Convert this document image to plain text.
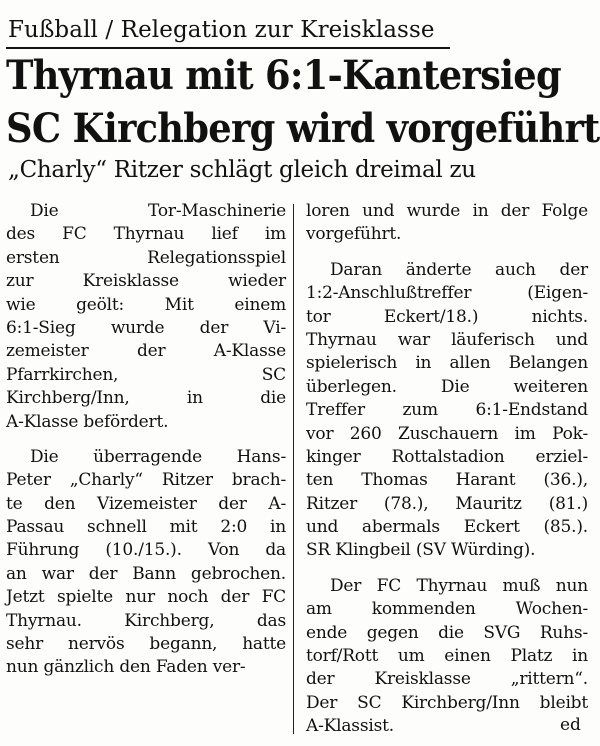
Fußball / Relegation zur Kreisklasse
Thyrnau mit 6:1-Kantersieg
SC Kirchberg wird vorgeführt
„Charly“ Ritzer schlägt gleich dreimal zu
Die Tor-Maschinerie
des FC Thyrnau lief im
ersten Relegationsspiel
zur Kreisklasse wieder
wie geölt: Mit einem
6:1-Sieg wurde der Vi-
zemeister der A-Klasse
Pfarrkirchen, SC
Kirchberg/Inn, in die
A-Klasse befördert.
Die überragende Hans-
Peter „Charly“ Ritzer brach-
te den Vizemeister der A-
Passau schnell mit 2:0 in
Führung (10./15.). Von da
an war der Bann gebrochen.
Jetzt spielte nur noch der FC
Thyrnau. Kirchberg, das
sehr nervös begann, hatte
nun gänzlich den Faden ver-
loren und wurde in der Folge
vorgeführt.
Daran änderte auch der
1:2-Anschlußtreffer (Eigen-
tor Eckert/18.) nichts.
Thyrnau war läuferisch und
spielerisch in allen Belangen
überlegen. Die weiteren
Treffer zum 6:1-Endstand
vor 260 Zuschauern im Pok-
kinger Rottalstadion erziel-
ten Thomas Harant (36.),
Ritzer (78.), Mauritz (81.)
und abermals Eckert (85.).
SR Klingbeil (SV Würding).
Der FC Thyrnau muß nun
am kommenden Wochen-
ende gegen die SVG Ruhs-
torf/Rott um einen Platz in
der Kreisklasse „rittern“.
Der SC Kirchberg/Inn bleibt
A-Klassist.	ed
